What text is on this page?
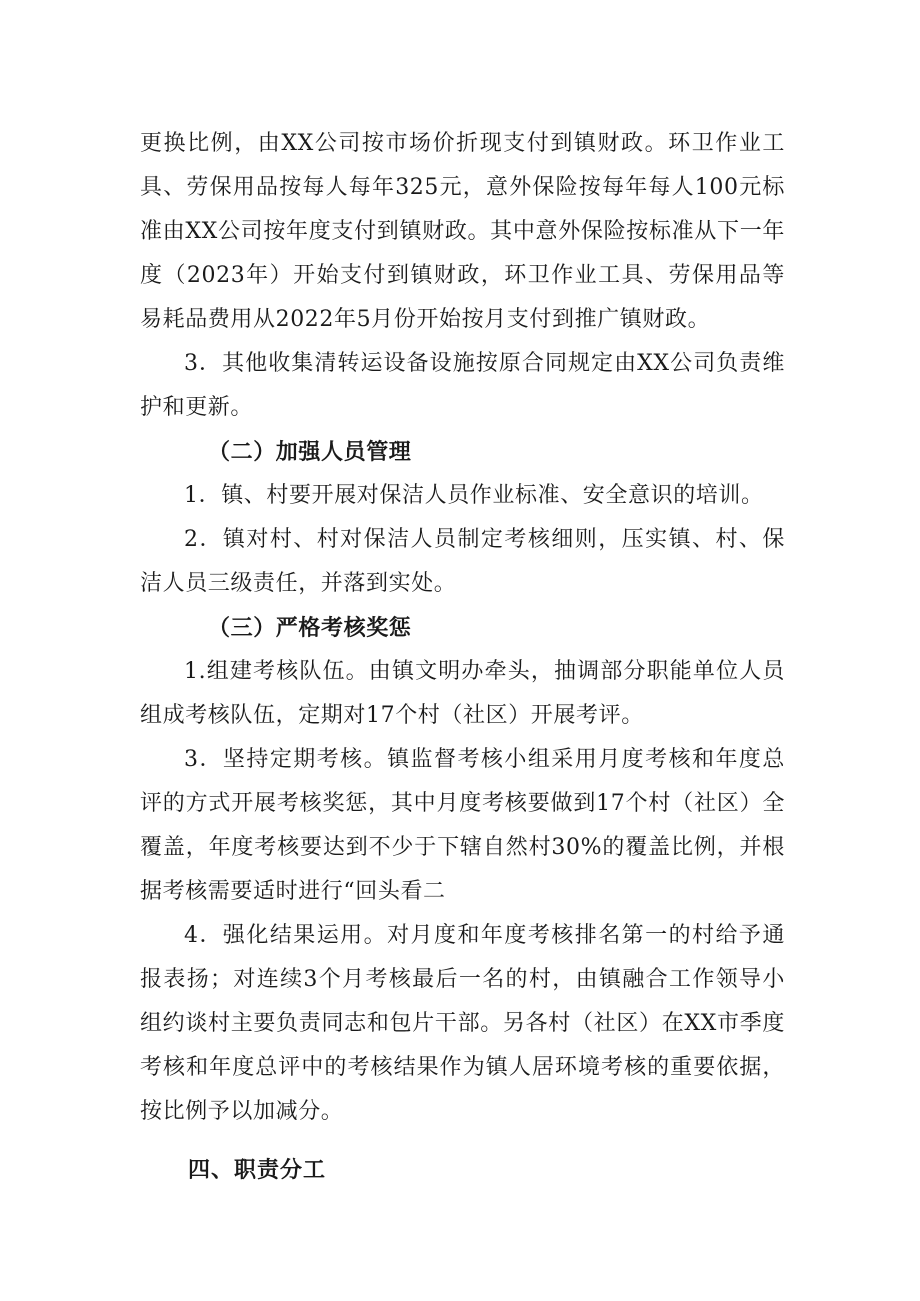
更换比例，由XX公司按市场价折现支付到镇财政。环卫作业工具、劳保用品按每人每年325元，意外保险按每年每人100元标准由XX公司按年度支付到镇财政。其中意外保险按标准从下一年度（2023年）开始支付到镇财政，环卫作业工具、劳保用品等易耗品费用从2022年5月份开始按月支付到推广镇财政。

3．其他收集清转运设备设施按原合同规定由XX公司负责维护和更新。

（二）加强人员管理

1．镇、村要开展对保洁人员作业标准、安全意识的培训。

2．镇对村、村对保洁人员制定考核细则，压实镇、村、保洁人员三级责任，并落到实处。

（三）严格考核奖惩

1.组建考核队伍。由镇文明办牵头，抽调部分职能单位人员组成考核队伍，定期对17个村（社区）开展考评。

3．坚持定期考核。镇监督考核小组采用月度考核和年度总评的方式开展考核奖惩，其中月度考核要做到17个村（社区）全覆盖，年度考核要达到不少于下辖自然村30%的覆盖比例，并根据考核需要适时进行“回头看二

4．强化结果运用。对月度和年度考核排名第一的村给予通报表扬；对连续3个月考核最后一名的村，由镇融合工作领导小组约谈村主要负责同志和包片干部。另各村（社区）在XX市季度考核和年度总评中的考核结果作为镇人居环境考核的重要依据，按比例予以加减分。

四、职责分工
